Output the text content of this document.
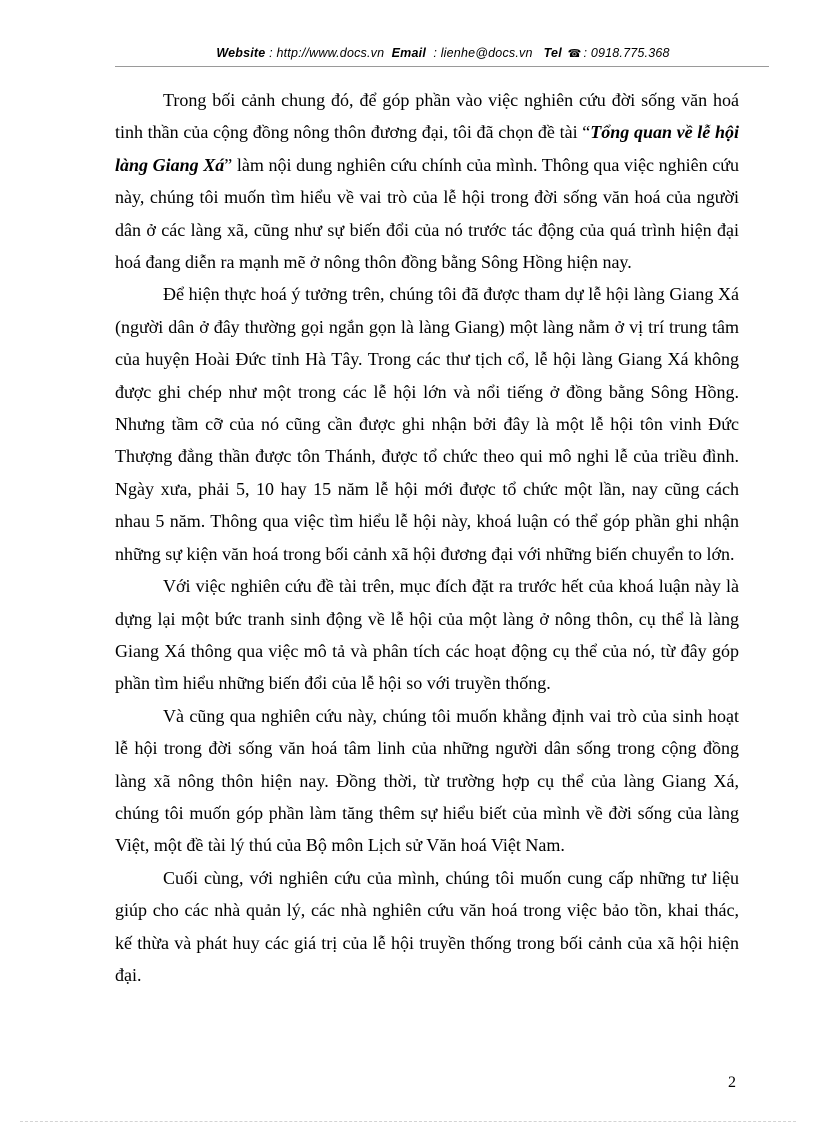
Website : http://www.docs.vn Email : lienhe@docs.vn Tel ☎ : 0918.775.368

Trong bối cảnh chung đó, để góp phần vào việc nghiên cứu đời sống văn hoá tinh thần của cộng đồng nông thôn đương đại, tôi đã chọn đề tài “Tổng quan về lễ hội làng Giang Xá” làm nội dung nghiên cứu chính của mình. Thông qua việc nghiên cứu này, chúng tôi muốn tìm hiểu về vai trò của lễ hội trong đời sống văn hoá của người dân ở các làng xã, cũng như sự biến đổi của nó trước tác động của quá trình hiện đại hoá đang diễn ra mạnh mẽ ở nông thôn đồng bằng Sông Hồng hiện nay.

Để hiện thực hoá ý tưởng trên, chúng tôi đã được tham dự lễ hội làng Giang Xá (người dân ở đây thường gọi ngắn gọn là làng Giang) một làng nằm ở vị trí trung tâm của huyện Hoài Đức tỉnh Hà Tây. Trong các thư tịch cổ, lễ hội làng Giang Xá không được ghi chép như một trong các lễ hội lớn và nổi tiếng ở đồng bằng Sông Hồng. Nhưng tầm cỡ của nó cũng cần được ghi nhận bởi đây là một lễ hội tôn vinh Đức Thượng đẳng thần được tôn Thánh, được tổ chức theo qui mô nghi lễ của triều đình. Ngày xưa, phải 5, 10 hay 15 năm lễ hội mới được tổ chức một lần, nay cũng cách nhau 5 năm. Thông qua việc tìm hiểu lễ hội này, khoá luận có thể góp phần ghi nhận những sự kiện văn hoá trong bối cảnh xã hội đương đại với những biến chuyển to lớn.

Với việc nghiên cứu đề tài trên, mục đích đặt ra trước hết của khoá luận này là dựng lại một bức tranh sinh động về lễ hội của một làng ở nông thôn, cụ thể là làng Giang Xá thông qua việc mô tả và phân tích các hoạt động cụ thể của nó, từ đây góp phần tìm hiểu những biến đổi của lễ hội so với truyền thống.

Và cũng qua nghiên cứu này, chúng tôi muốn khẳng định vai trò của sinh hoạt lễ hội trong đời sống văn hoá tâm linh của những người dân sống trong cộng đồng làng xã nông thôn hiện nay. Đồng thời, từ trường hợp cụ thể của làng Giang Xá, chúng tôi muốn góp phần làm tăng thêm sự hiểu biết của mình về đời sống của làng Việt, một đề tài lý thú của Bộ môn Lịch sử Văn hoá Việt Nam.

Cuối cùng, với nghiên cứu của mình, chúng tôi muốn cung cấp những tư liệu giúp cho các nhà quản lý, các nhà nghiên cứu văn hoá trong việc bảo tồn, khai thác, kế thừa và phát huy các giá trị của lễ hội truyền thống trong bối cảnh của xã hội hiện đại.

2
